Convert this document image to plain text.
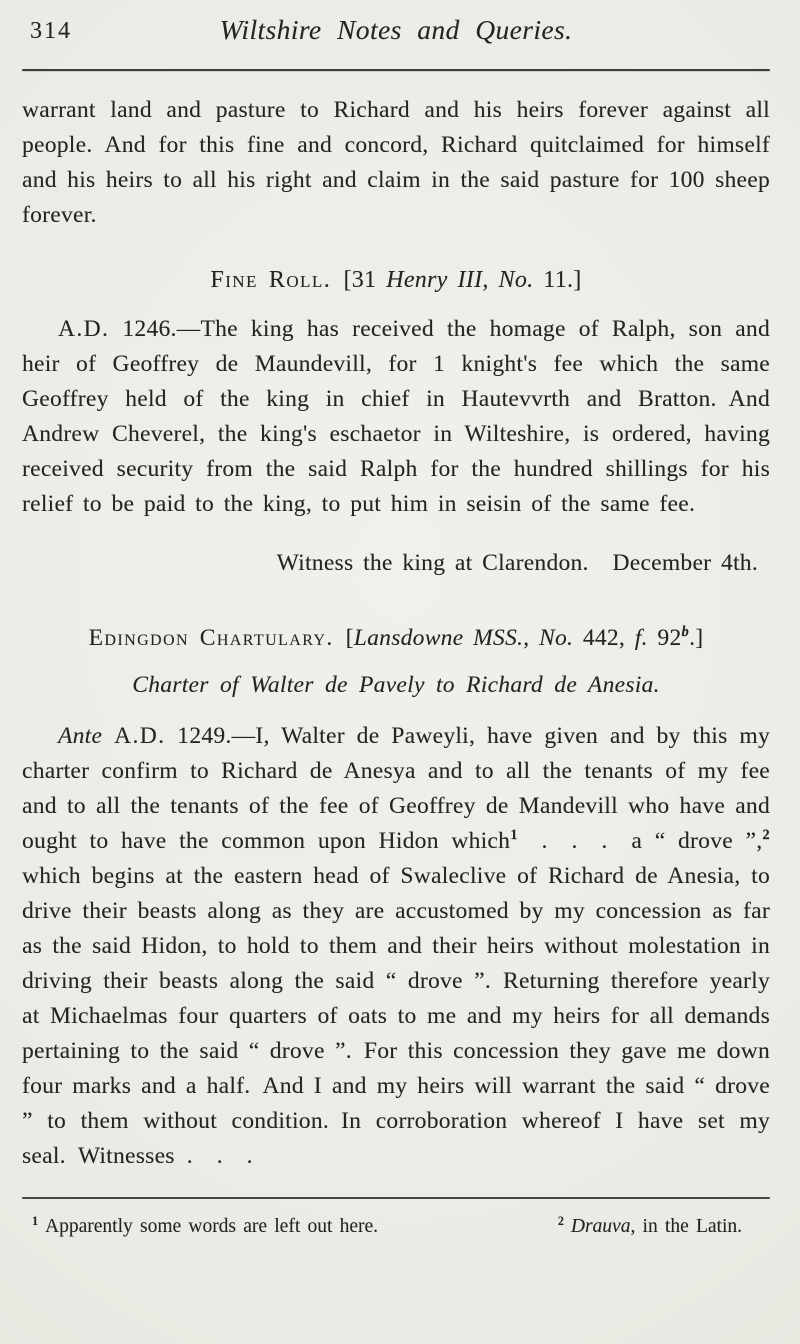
314	Wiltshire Notes and Queries.

warrant land and pasture to Richard and his heirs forever against all people. And for this fine and concord, Richard quitclaimed for himself and his heirs to all his right and claim in the said pasture for 100 sheep forever.

Fine Roll. [31 Henry III, No. 11.]

A.D. 1246.—The king has received the homage of Ralph, son and heir of Geoffrey de Maundevill, for 1 knight's fee which the same Geoffrey held of the king in chief in Hautevvrth and Bratton. And Andrew Cheverel, the king's eschaetor in Wilteshire, is ordered, having received security from the said Ralph for the hundred shillings for his relief to be paid to the king, to put him in seisin of the same fee.

Witness the king at Clarendon. December 4th.
Edingdon Chartulary. [Lansdowne MSS., No. 442, f. 92$^b$.]
Charter of Walter de Pavely to Richard de Anesia.

Ante A.D. 1249.—I, Walter de Paweyli, have given and by this my charter confirm to Richard de Anesya and to all the tenants of my fee and to all the tenants of the fee of Geoffrey de Mandevill who have and ought to have the common upon Hidon which$^1$ . . . a “ drove ”,$^2$ which begins at the eastern head of Swaleclive of Richard de Anesia, to drive their beasts along as they are accustomed by my concession as far as the said Hidon, to hold to them and their heirs without molestation in driving their beasts along the said “ drove ”. Returning therefore yearly at Michaelmas four quarters of oats to me and my heirs for all demands pertaining to the said “ drove ”. For this concession they gave me down four marks and a half. And I and my heirs will warrant the said “ drove ” to them without condition. In corroboration whereof I have set my seal. Witnesses . . .

$^1$ Apparently some words are left out here.	$^2$ Drauva, in the Latin.
